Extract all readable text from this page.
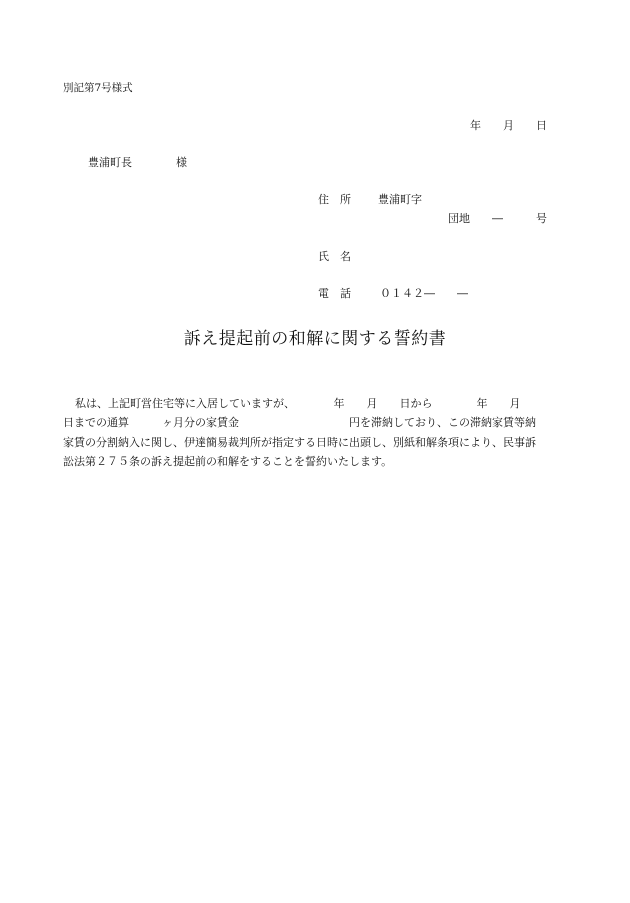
別記第7号様式
年　　月　　日
豊浦町長　　　　様
住　所 豊浦町字
団地　　―　　　号
氏　名
電　話	０１４２―　　―
訴え提起前の和解に関する誓約書
私は、上記町営住宅等に入居していますが、　　　　年　　月　　日から　　　　年　　月
日までの通算　　　ヶ月分の家賃金　　　　　　　　　　円を滞納しており、この滞納家賃等納
家賃の分割納入に関し、伊達簡易裁判所が指定する日時に出頭し、別紙和解条項により、民事訴
訟法第２７５条の訴え提起前の和解をすることを誓約いたします。
